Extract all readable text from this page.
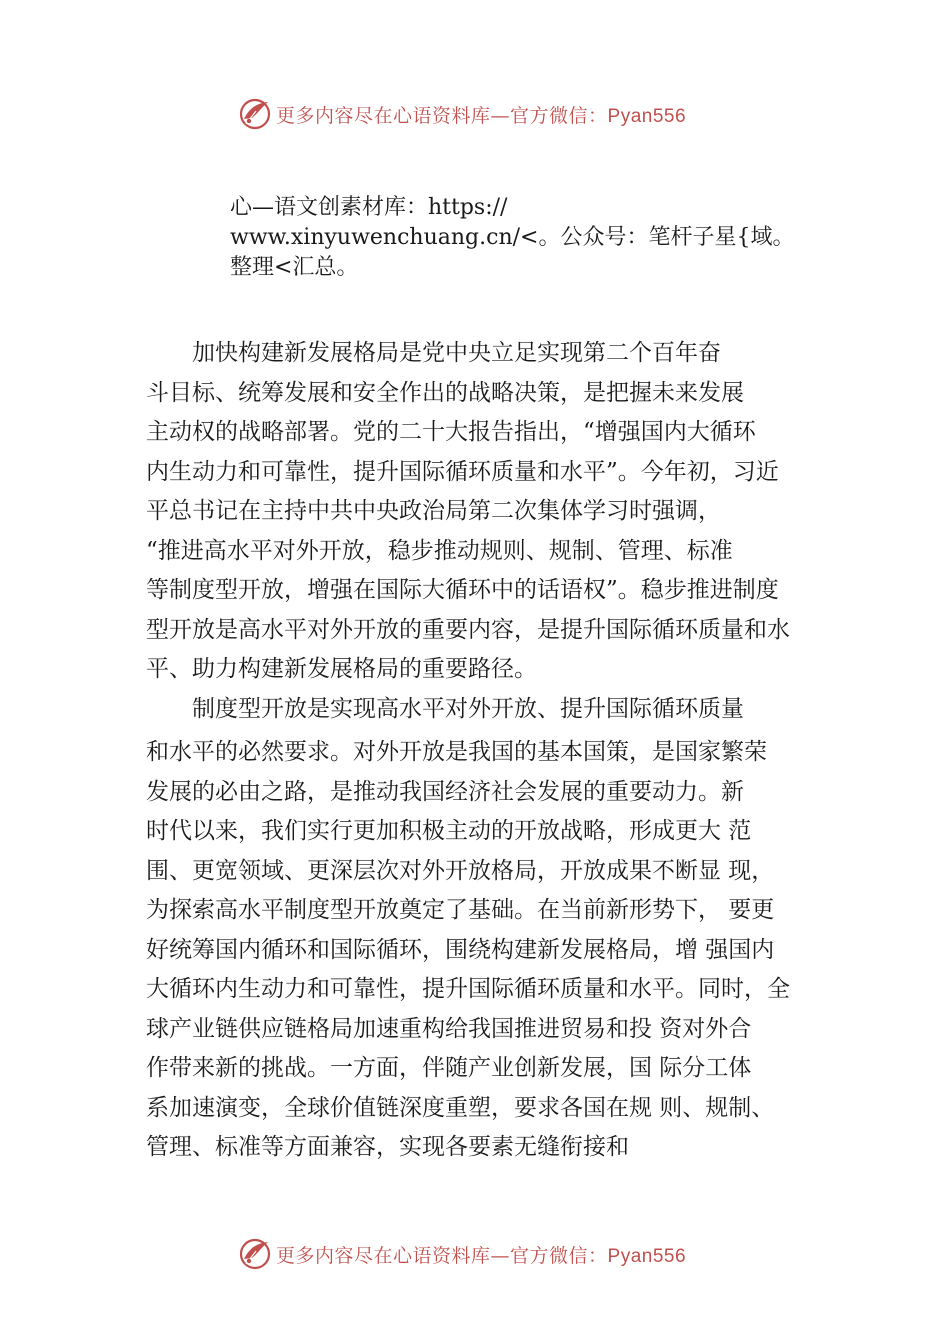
更多内容尽在心语资料库—官方微信：Pyan556
心—语文创素材库：https://
www.xinyuwenchuang.cn/<。公众号：笔杆子星{域。
整理<汇总。
　　加快构建新发展格局是党中央立足实现第二个百年奋
斗目标、统筹发展和安全作出的战略决策，是把握未来发展
主动权的战略部署。党的二十大报告指出，“增强国内大循环
内生动力和可靠性，提升国际循环质量和水平”。今年初，习近
平总书记在主持中共中央政治局第二次集体学习时强调，
“推进高水平对外开放，稳步推动规则、规制、管理、标准
等制度型开放，增强在国际大循环中的话语权”。稳步推进制度
型开放是高水平对外开放的重要内容，是提升国际循环质量和水
平、助力构建新发展格局的重要路径。
　　制度型开放是实现高水平对外开放、提升国际循环质量
和水平的必然要求。对外开放是我国的基本国策，是国家繁荣
发展的必由之路，是推动我国经济社会发展的重要动力。新
时代以来，我们实行更加积极主动的开放战略，形成更大 范
围、更宽领域、更深层次对外开放格局，开放成果不断显 现，
为探索高水平制度型开放奠定了基础。在当前新形势下， 要更
好统筹国内循环和国际循环，围绕构建新发展格局，增 强国内
大循环内生动力和可靠性，提升国际循环质量和水平。同时，全
球产业链供应链格局加速重构给我国推进贸易和投 资对外合
作带来新的挑战。一方面，伴随产业创新发展，国 际分工体
系加速演变，全球价值链深度重塑，要求各国在规 则、规制、
管理、标准等方面兼容，实现各要素无缝衔接和
更多内容尽在心语资料库—官方微信：Pyan556
